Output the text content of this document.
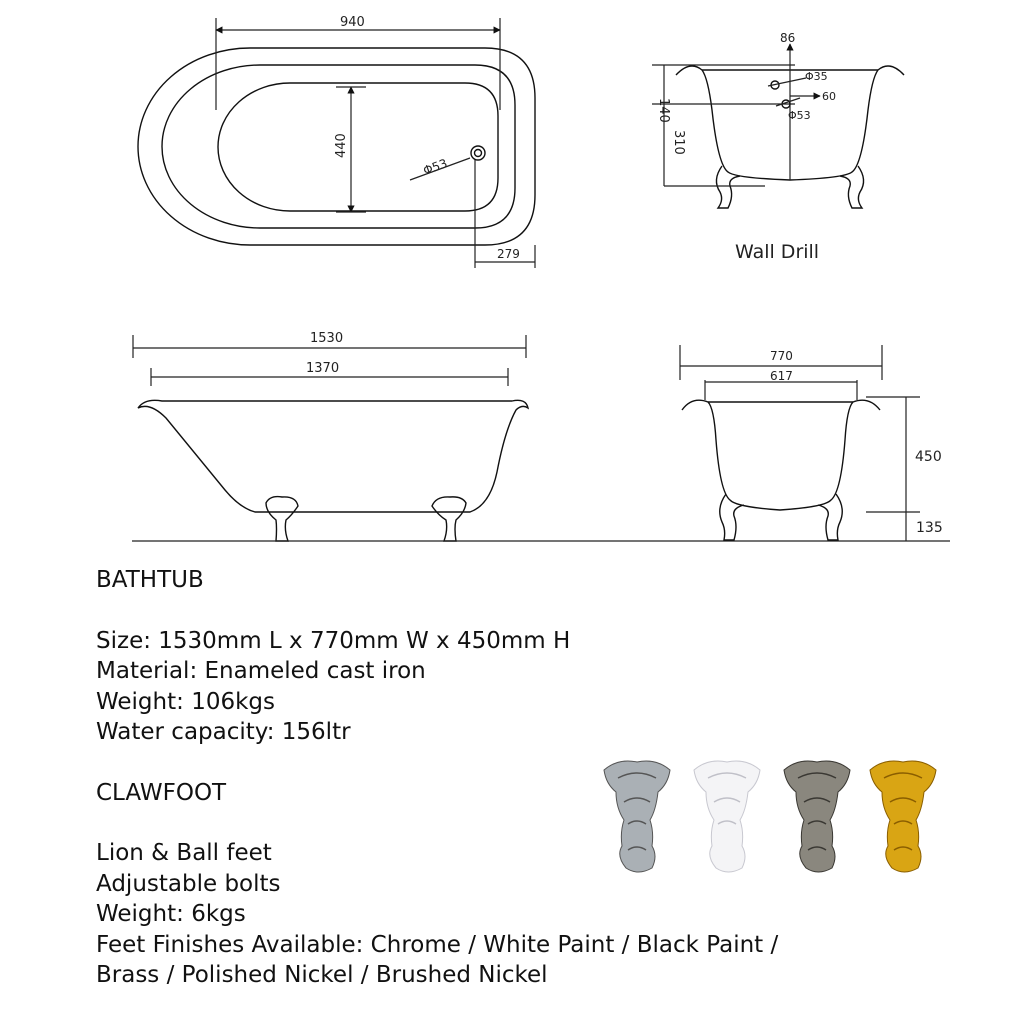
940
440
Φ53
279
86
140
310
Φ35
60
Φ53
Wall Drill
1530
1370
770
617
450
135
BATHTUB
Size: 1530mm L x 770mm W x 450mm H
Material: Enameled cast iron
Weight: 106kgs
Water capacity: 156ltr
CLAWFOOT
Lion & Ball feet
Adjustable bolts
Weight: 6kgs
Feet Finishes Available: Chrome / White Paint / Black Paint /
Brass / Polished Nickel / Brushed Nickel
